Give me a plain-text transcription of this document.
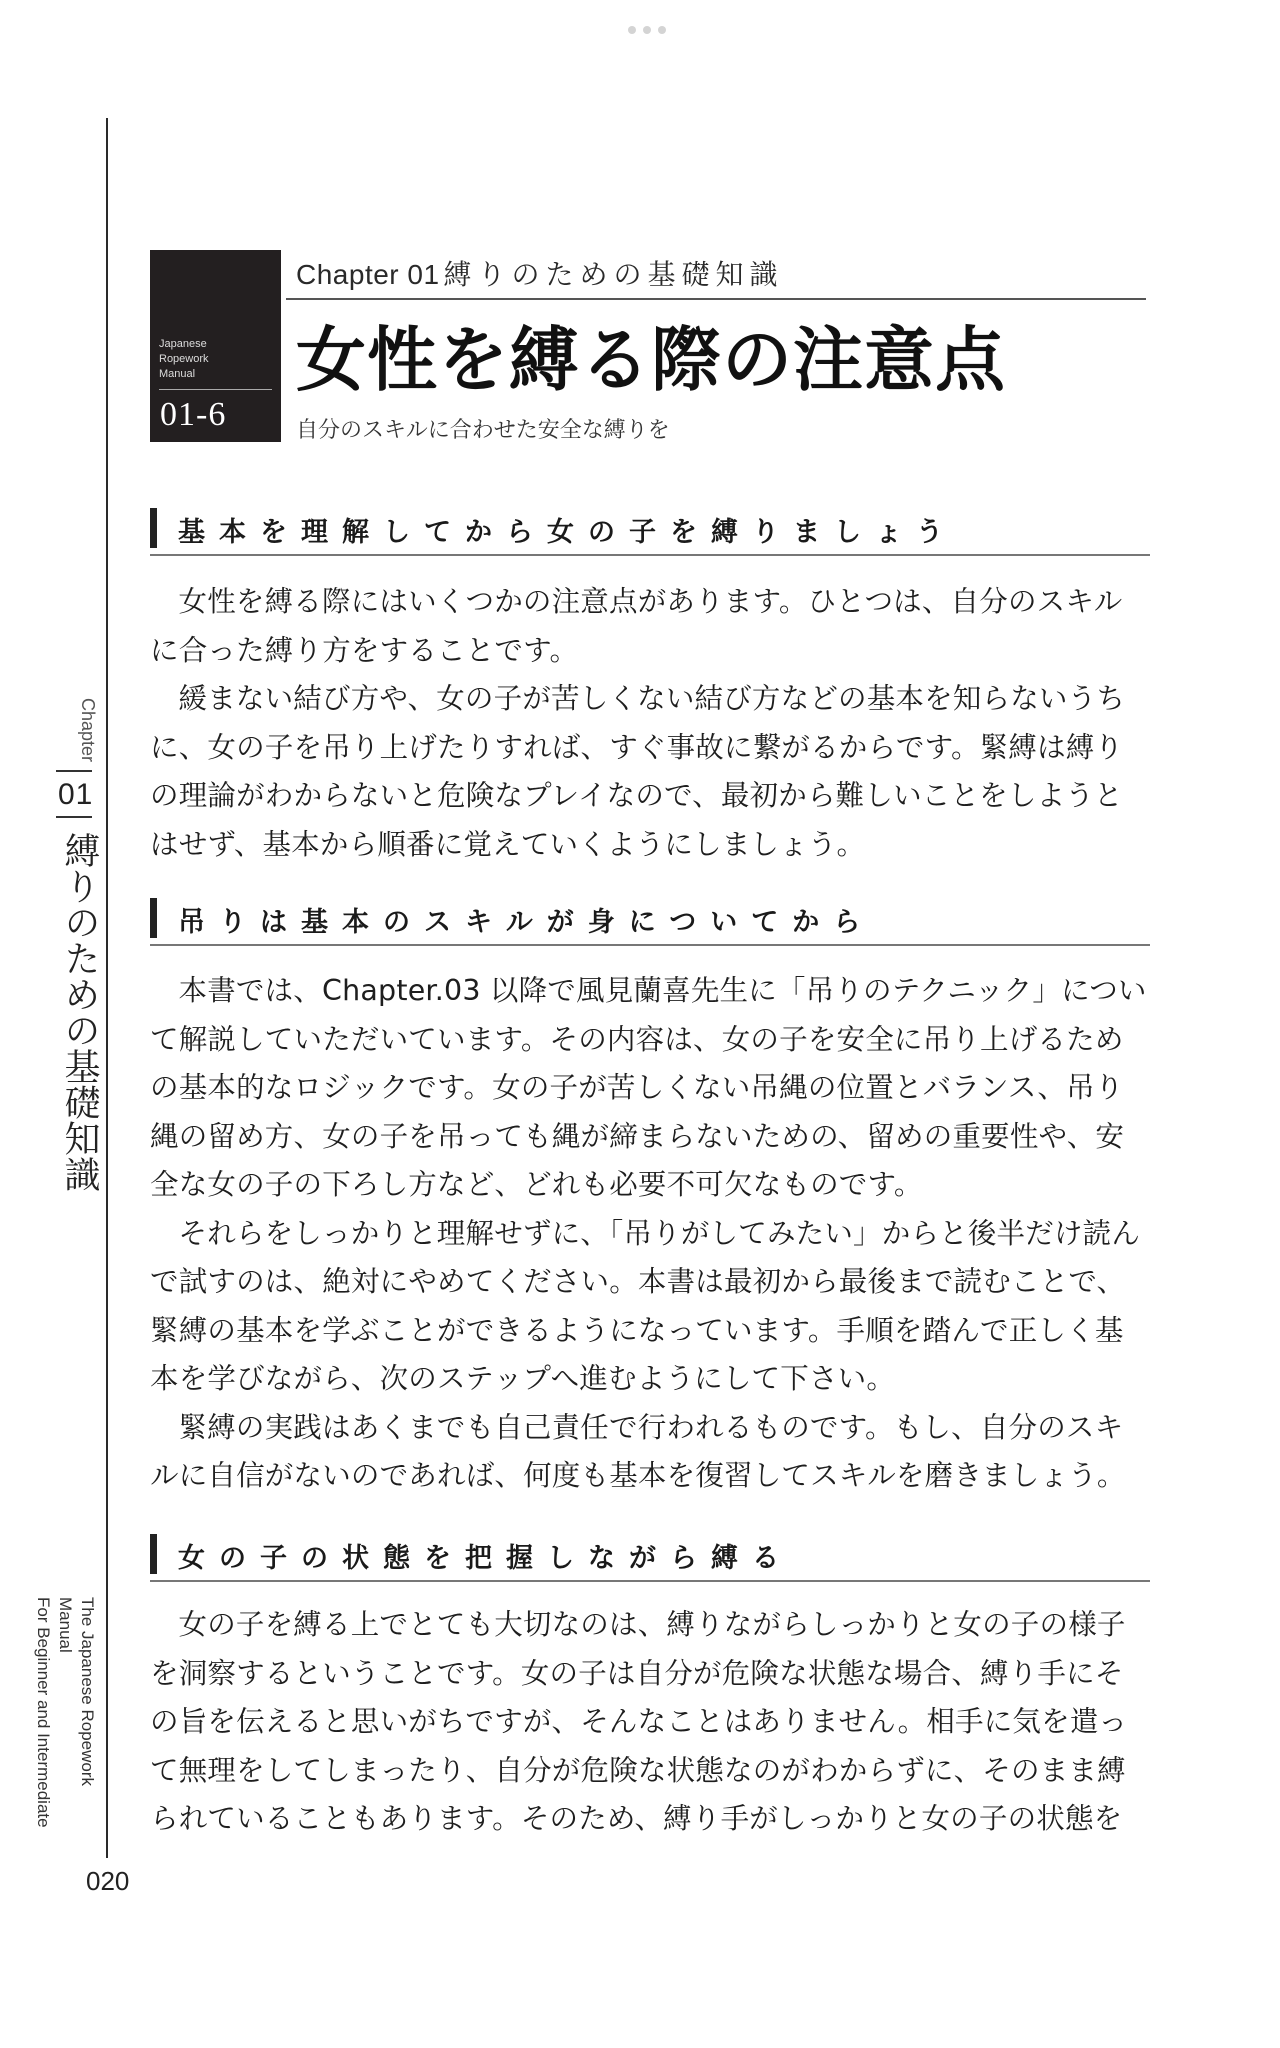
Chapter
01
縛りのための基礎知識
The Japanese Ropework Manual
For Beginner and Intermediate
020
Japanese
Ropework
Manual
01-6
Chapter 01 縛りのための基礎知識
女性を縛る際の注意点
自分のスキルに合わせた安全な縛りを
基本を理解してから女の子を縛りましょう

女性を縛る際にはいくつかの注意点があります。ひとつは、自分のスキルに合った縛り方をすることです。

緩まない結び方や、女の子が苦しくない結び方などの基本を知らないうちに、女の子を吊り上げたりすれば、すぐ事故に繋がるからです。緊縛は縛りの理論がわからないと危険なプレイなので、最初から難しいことをしようとはせず、基本から順番に覚えていくようにしましょう。

吊りは基本のスキルが身についてから

本書では、Chapter.03 以降で風見蘭喜先生に「吊りのテクニック」について解説していただいています。その内容は、女の子を安全に吊り上げるための基本的なロジックです。女の子が苦しくない吊縄の位置とバランス、吊り縄の留め方、女の子を吊っても縄が締まらないための、留めの重要性や、安全な女の子の下ろし方など、どれも必要不可欠なものです。

それらをしっかりと理解せずに、「吊りがしてみたい」からと後半だけ読んで試すのは、絶対にやめてください。本書は最初から最後まで読むことで、緊縛の基本を学ぶことができるようになっています。手順を踏んで正しく基本を学びながら、次のステップへ進むようにして下さい。

緊縛の実践はあくまでも自己責任で行われるものです。もし、自分のスキルに自信がないのであれば、何度も基本を復習してスキルを磨きましょう。

女の子の状態を把握しながら縛る

女の子を縛る上でとても大切なのは、縛りながらしっかりと女の子の様子を洞察するということです。女の子は自分が危険な状態な場合、縛り手にその旨を伝えると思いがちですが、そんなことはありません。相手に気を遣って無理をしてしまったり、自分が危険な状態なのがわからずに、そのまま縛られていることもあります。そのため、縛り手がしっかりと女の子の状態を
